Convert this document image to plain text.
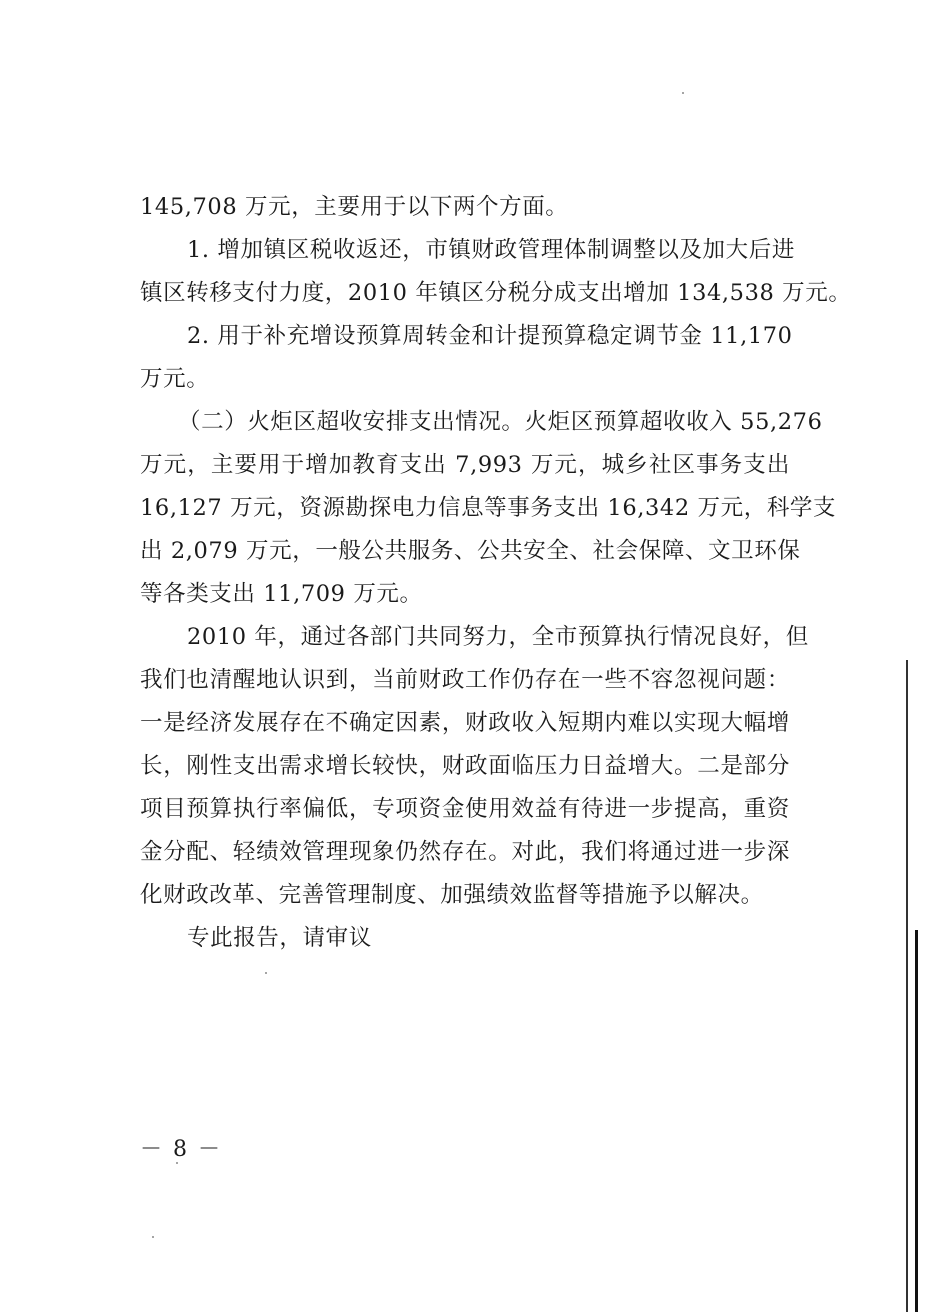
145,708 万元，主要用于以下两个方面。
1. 增加镇区税收返还，市镇财政管理体制调整以及加大后进
镇区转移支付力度，2010 年镇区分税分成支出增加 134,538 万元。
2. 用于补充增设预算周转金和计提预算稳定调节金 11,170
万元。
（二）火炬区超收安排支出情况。火炬区预算超收收入 55,276
万元，主要用于增加教育支出 7,993 万元，城乡社区事务支出
16,127 万元，资源勘探电力信息等事务支出 16,342 万元，科学支
出 2,079 万元，一般公共服务、公共安全、社会保障、文卫环保
等各类支出 11,709 万元。
2010 年，通过各部门共同努力，全市预算执行情况良好，但
我们也清醒地认识到，当前财政工作仍存在一些不容忽视问题：
一是经济发展存在不确定因素，财政收入短期内难以实现大幅增
长，刚性支出需求增长较快，财政面临压力日益增大。二是部分
项目预算执行率偏低，专项资金使用效益有待进一步提高，重资
金分配、轻绩效管理现象仍然存在。对此，我们将通过进一步深
化财政改革、完善管理制度、加强绩效监督等措施予以解决。
专此报告，请审议
－ 8 －
